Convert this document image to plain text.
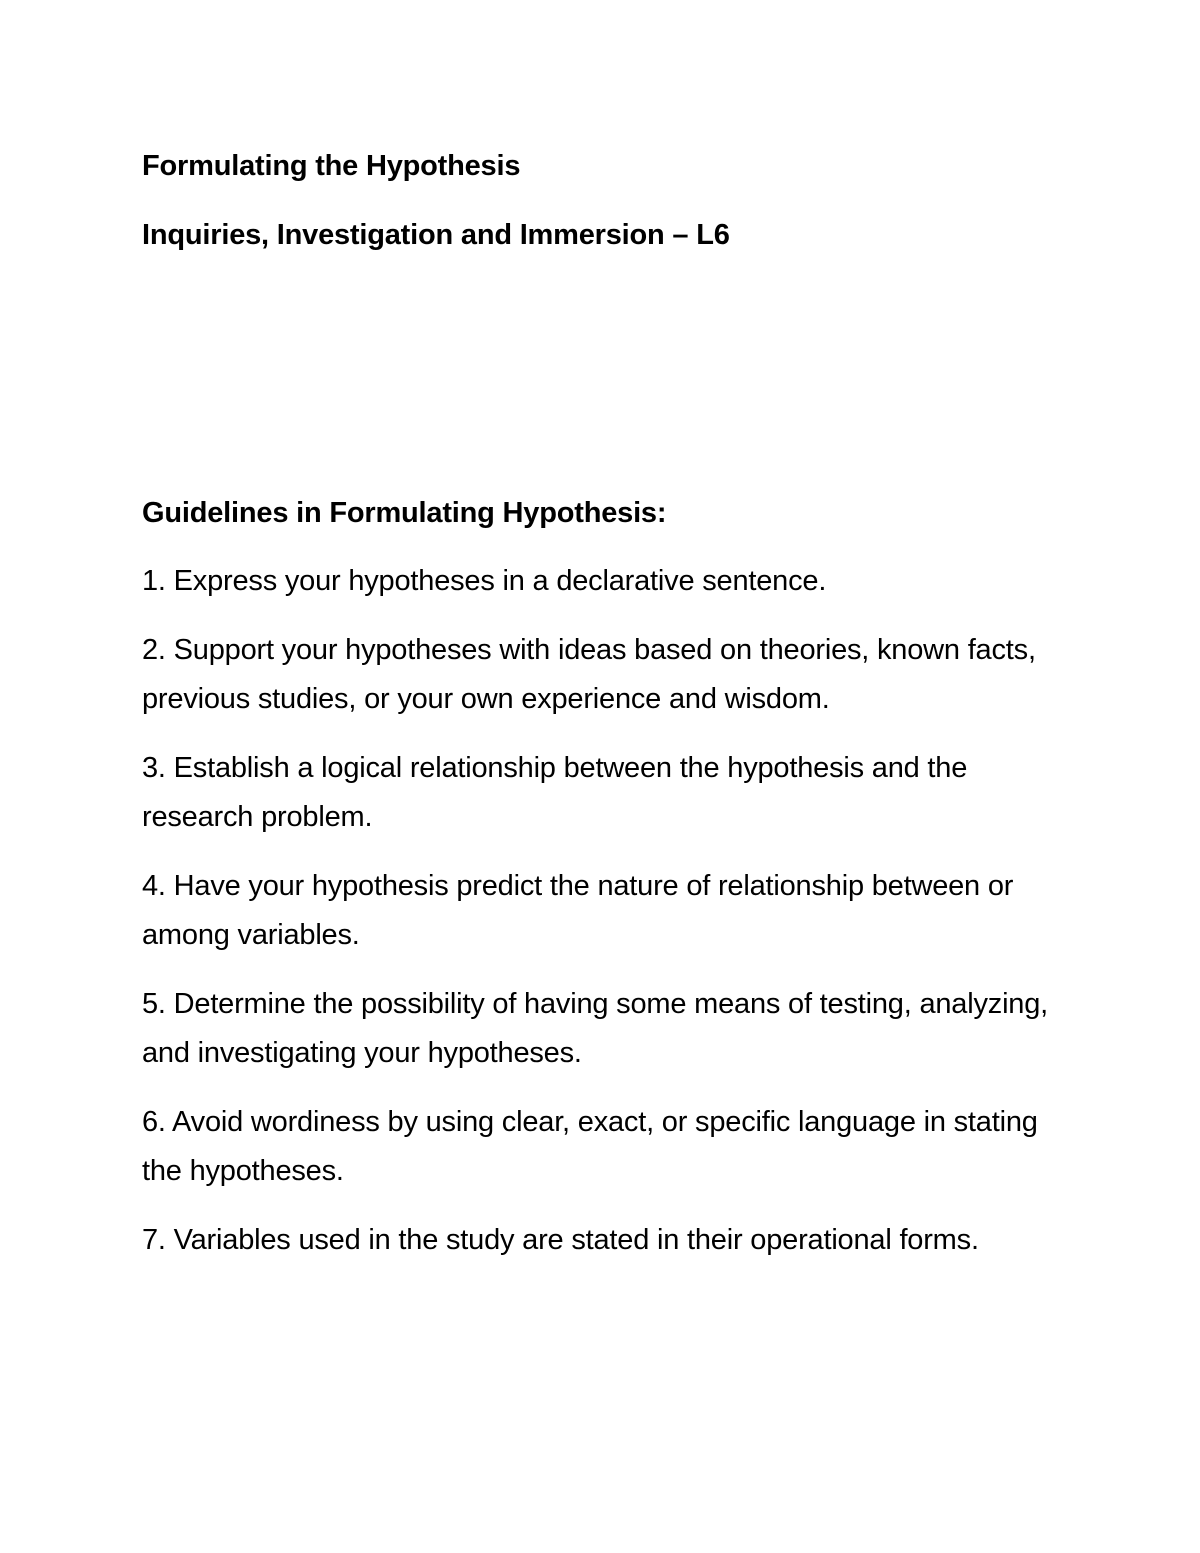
Formulating the Hypothesis
Inquiries, Investigation and Immersion – L6
Guidelines in Formulating Hypothesis:
1. Express your hypotheses in a declarative sentence.
2. Support your hypotheses with ideas based on theories, known facts, previous studies, or your own experience and wisdom.
3. Establish a logical relationship between the hypothesis and the research problem.
4. Have your hypothesis predict the nature of relationship between or among variables.
5. Determine the possibility of having some means of testing, analyzing, and investigating your hypotheses.
6. Avoid wordiness by using clear, exact, or specific language in stating the hypotheses.
7. Variables used in the study are stated in their operational forms.
